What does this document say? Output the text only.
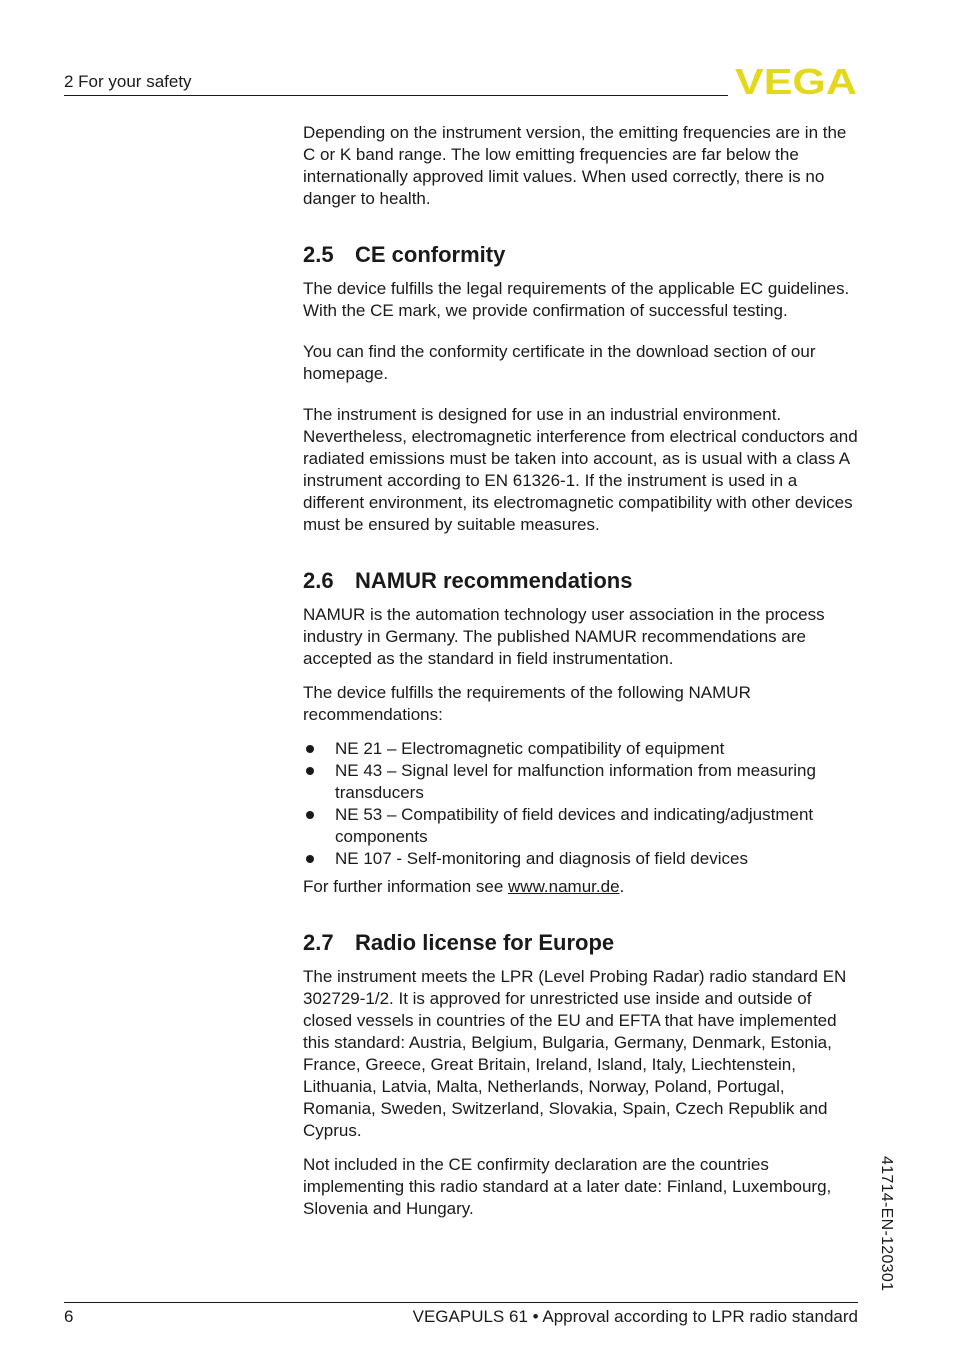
2 For your safety	VEGA

Depending on the instrument version, the emitting frequencies are in the C or K band range. The low emitting frequencies are far below the internationally approved limit values. When used correctly, there is no danger to health.

2.5 CE conformity

The device fulfills the legal requirements of the applicable EC guidelines. With the CE mark, we provide confirmation of successful testing.

You can find the conformity certificate in the download section of our homepage.

The instrument is designed for use in an industrial environment. Nevertheless, electromagnetic interference from electrical conductors and radiated emissions must be taken into account, as is usual with a class A instrument according to EN 61326-1. If the instrument is used in a different environment, its electromagnetic compatibility with other devices must be ensured by suitable measures.

2.6 NAMUR recommendations

NAMUR is the automation technology user association in the process industry in Germany. The published NAMUR recommendations are accepted as the standard in field instrumentation.

The device fulfills the requirements of the following NAMUR recommendations:

NE 21 – Electromagnetic compatibility of equipment
NE 43 – Signal level for malfunction information from measuring transducers
NE 53 – Compatibility of field devices and indicating/adjustment components
NE 107 - Self-monitoring and diagnosis of field devices

For further information see www.namur.de.

2.7 Radio license for Europe

The instrument meets the LPR (Level Probing Radar) radio standard EN 302729-1/2. It is approved for unrestricted use inside and outside of closed vessels in countries of the EU and EFTA that have implemented this standard: Austria, Belgium, Bulgaria, Germany, Denmark, Estonia, France, Greece, Great Britain, Ireland, Island, Italy, Liechtenstein, Lithuania, Latvia, Malta, Netherlands, Norway, Poland, Portugal, Romania, Sweden, Switzerland, Slovakia, Spain, Czech Republik and Cyprus.

Not included in the CE confirmity declaration are the countries implementing this radio standard at a later date: Finland, Luxembourg, Slovenia and Hungary.	41714-EN-120301
6	VEGAPULS 61 • Approval according to LPR radio standard
